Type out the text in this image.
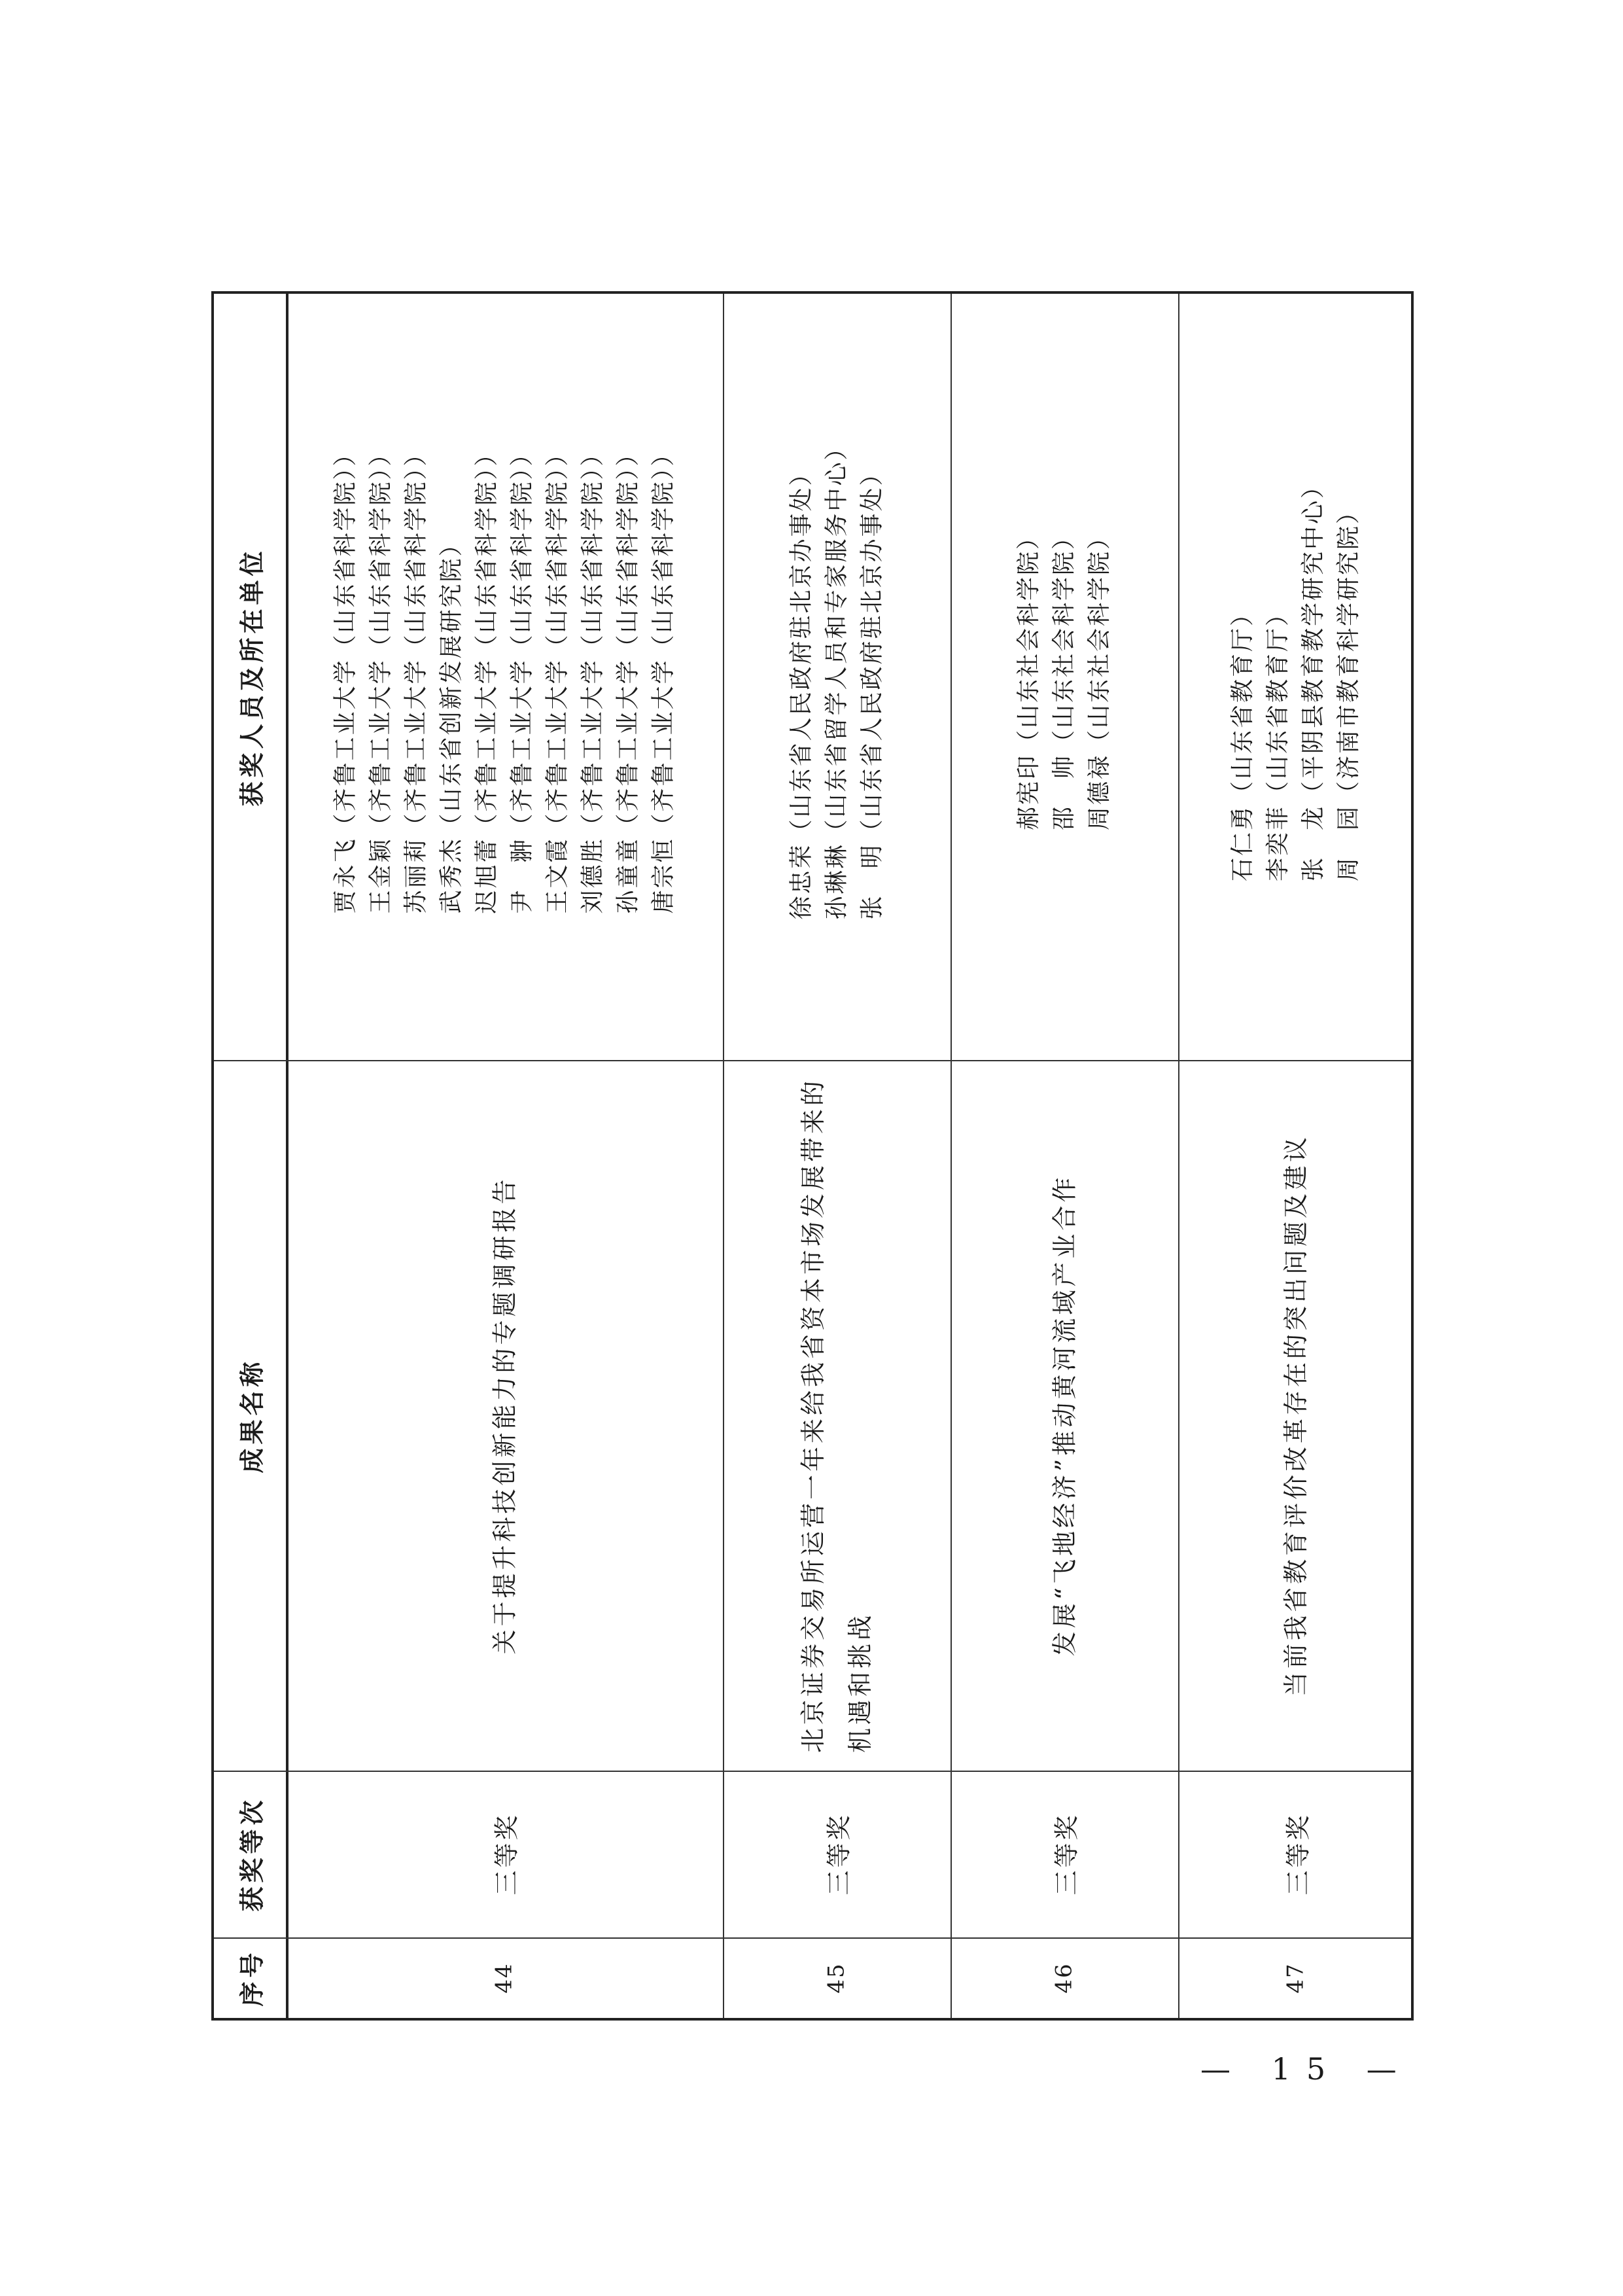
获奖人员及所在单位
成果名称
获奖等次
序号
贾永飞（齐鲁工业大学（山东省科学院）） 王金颖（齐鲁工业大学（山东省科学院）） 苏丽莉（齐鲁工业大学（山东省科学院）） 武秀杰（山东省创新发展研究院） 迟旭蕾（齐鲁工业大学（山东省科学院）） 尹　翀（齐鲁工业大学（山东省科学院）） 王文霞（齐鲁工业大学（山东省科学院）） 刘德胜（齐鲁工业大学（山东省科学院）） 孙童童（齐鲁工业大学（山东省科学院）） 唐宗恒（齐鲁工业大学（山东省科学院））
关于提升科技创新能力的专题调研报告
三等奖
44
徐忠荣（山东省人民政府驻北京办事处） 孙琳琳（山东省留学人员和专家服务中心） 张　明（山东省人民政府驻北京办事处）
北京证券交易所运营一年来给我省资本市场发展带来的 机遇和挑战
三等奖
45
郝宪印（山东社会科学院） 邵　帅（山东社会科学院） 周德禄（山东社会科学院）
发展“飞地经济”推动黄河流域产业合作
三等奖
46
石仁勇（山东省教育厅） 李奕菲（山东省教育厅） 张　龙（平阴县教育教学研究中心） 周　园（济南市教育科学研究院）
当前我省教育评价改革存在的突出问题及建议
三等奖
47
— 15 —
